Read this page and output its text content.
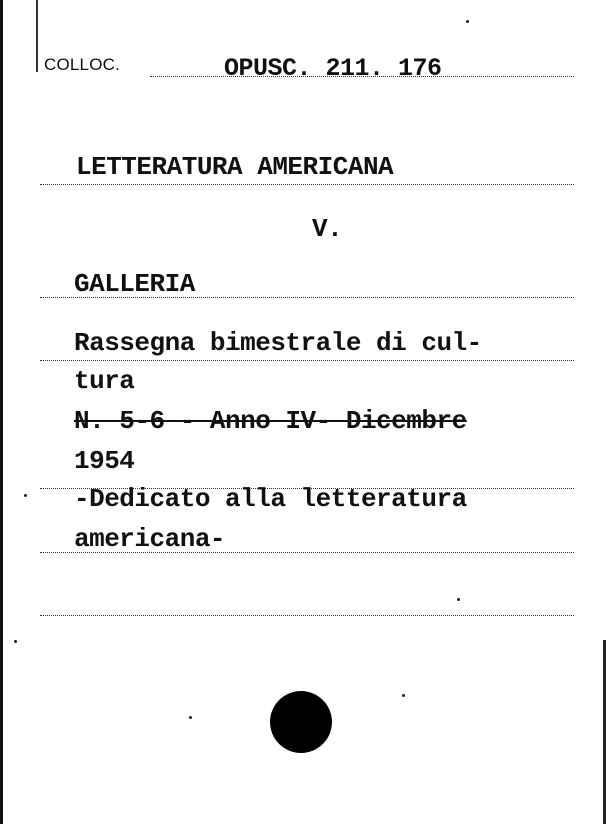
COLLOC.	OPUSC. 211. 176
LETTERATURA AMERICANA
V.
GALLERIA
Rassegna bimestrale di cul-
tura
N. 5-6 - Anno IV- Dicembre
1954
-Dedicato alla letteratura
americana-
